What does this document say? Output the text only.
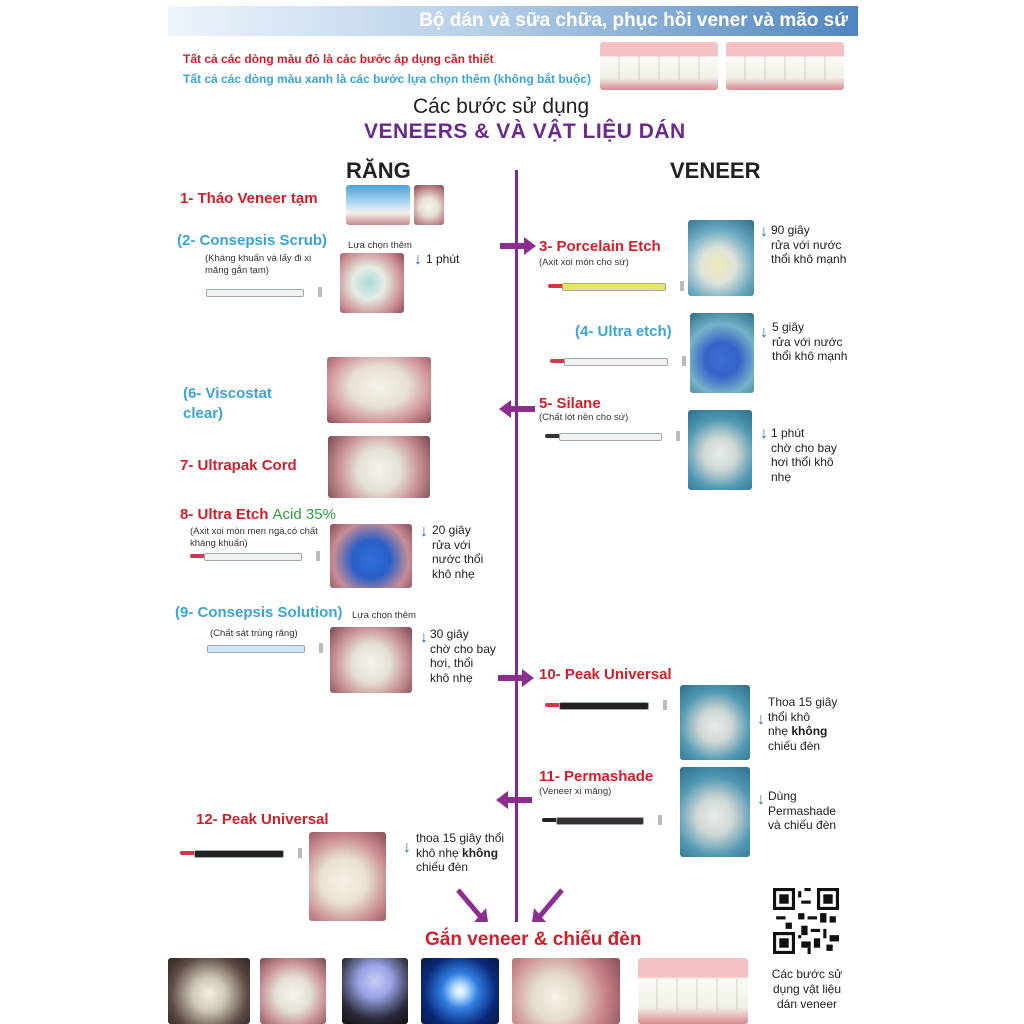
Bộ dán và sữa chữa, phục hồi vener và mão sứ
Tất cả các dòng màu đỏ là các bước áp dụng cần thiết
Tất cả các dòng màu xanh là các bước lựa chọn thêm (không bắt buộc)
Các bước sử dụng
VENEERS & VÀ VẬT LIỆU DÁN
RĂNG	VENEER
1- Tháo Veneer tạm
(2- Consepsis Scrub) Lựa chọn thêm
(Kháng khuẩn và lấy đi xi măng gắn tạm)
↓ 1 phút
3- Porcelain Etch
(Axit xoi mòn cho sứ)
↓ 90 giây
rửa với nước
thổi khô mạnh
(4- Ultra etch)	↓ 5 giây
rửa với nước
thổi khô mạnh
(6- Viscostat
clear)
5- Silane
(Chất lót nền cho sứ)
↓ 1 phút
chờ cho bay
hơi thổi khô
nhẹ
7- Ultrapak Cord
8- Ultra Etch Acid 35%
(Axit xoi mòn men ngà,có chất kháng khuẩn)
↓ 20 giây
rửa với
nước thổi
khô nhẹ
(9- Consepsis Solution) Lựa chọn thêm
(Chất sát trùng răng)	↓ 30 giây
chờ cho bay
hơi, thổi
khô nhẹ	10- Peak Universal
↓
Thoa 15 giây
thổi khô
nhẹ không
chiếu đèn
11- Permashade
(Veneer xi măng)	↓ Dùng
Permashade
và chiếu đèn
12- Peak Universal
↓
thoa 15 giây thổi
khô nhẹ không
chiếu đèn
Gắn veneer & chiếu đèn
Các bước sử
dụng vật liệu
dán veneer
